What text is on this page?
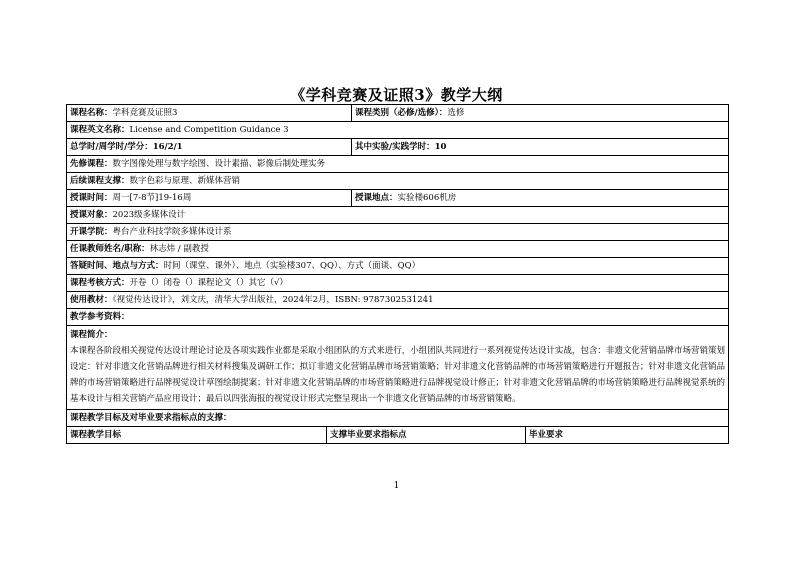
《学科竞赛及证照3》教学大纲
课程名称：学科竞赛及证照3		课程类别（必修/选修）：选修	
课程英文名称：License and Competition Guidance 3			
总学时/周学时/学分：16/2/1		其中实验/实践学时：10	
先修课程：数字图像处理与数字绘图、设计素描、影像后制处理实务			
后续课程支撑：数字色彩与原理、新媒体营销			
授课时间：周一[7-8节]19-16周		授课地点：实验楼606机房	
授课对象：2023级多媒体设计			
开课学院：粤台产业科技学院多媒体设计系			
任课教师姓名/职称：林志炜 / 副教授			
答疑时间、地点与方式：时间（课堂、课外）、地点（实验楼307、QQ）、方式（面谈、QQ）			
课程考核方式：开卷（）闭卷（）课程论文（）其它（√）			
使用教材：《视觉传达设计》，刘文庆，清华大学出版社，2024年2月，ISBN: 9787302531241			
教学参考资料：			

课程简介：
本课程各阶段相关视觉传达设计理论讨论及各项实践作业都是采取小组团队的方式来进行，小组团队共同进行一系列视觉传达设计实战，包含：非遗文化营销品牌市场营销策划设定：针对非遗文化营销品牌进行相关材料搜集及调研工作；拟订非遗文化营销品牌市场营销策略；针对非遗文化营销品牌的市场营销策略进行开题报告；针对非遗文化营销品牌的市场营销策略进行品牌视觉设计草图绘制提案；针对非遗文化营销品牌的市场营销策略进行品牌视觉设计修正；针对非遗文化营销品牌的市场营销策略进行品牌视觉系统的基本设计与相关营销产品应用设计；最后以四张海报的视觉设计形式完整呈现出一个非遗文化营销品牌的市场营销策略。			

课程教学目标及对毕业要求指标点的支撑：			
课程教学目标	支撑毕业要求指标点		毕业要求
1
